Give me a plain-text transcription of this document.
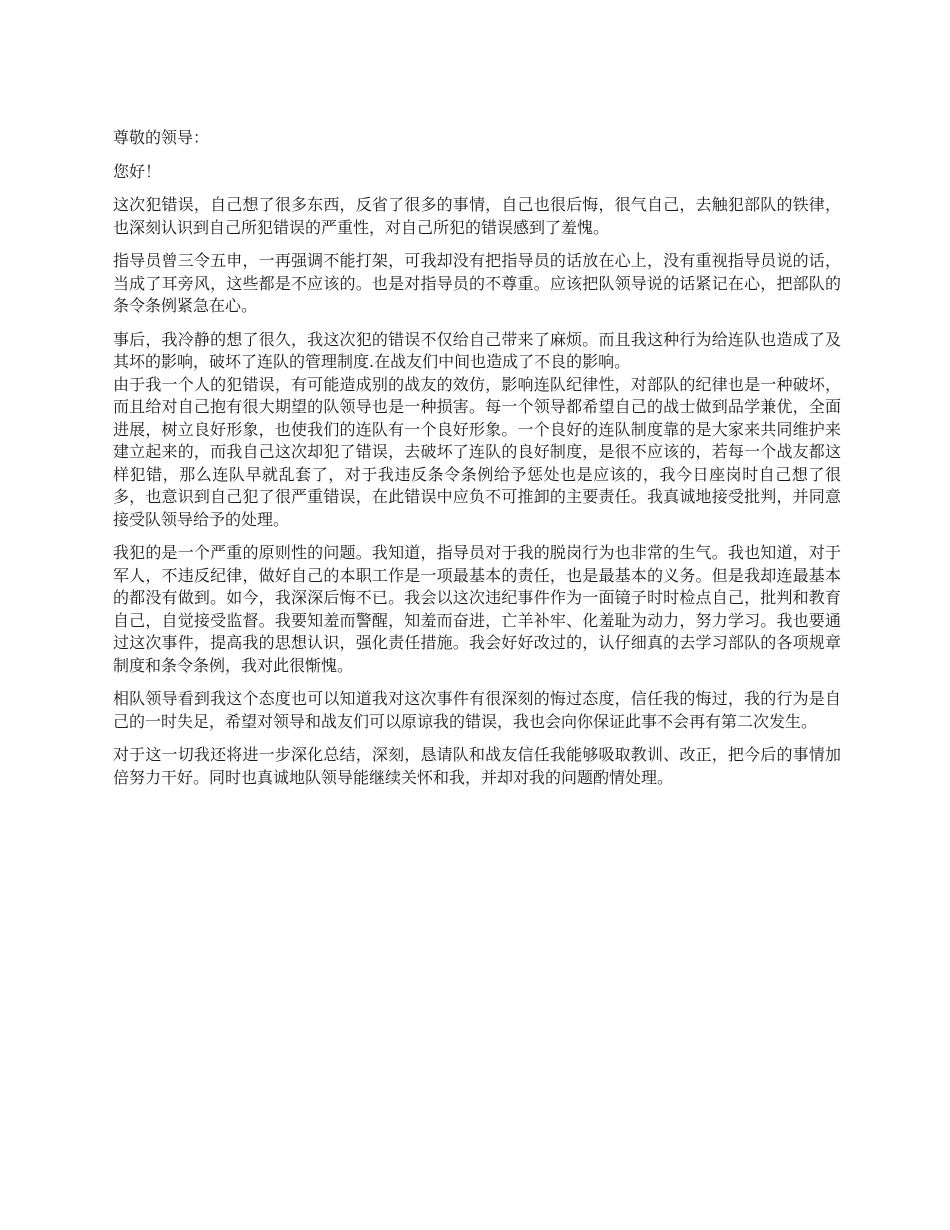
尊敬的领导：

您好！

这次犯错误，自己想了很多东西，反省了很多的事情，自己也很后悔，很气自己，去触犯部队的铁律，也深刻认识到自己所犯错误的严重性，对自己所犯的错误感到了羞愧。

指导员曾三令五申，一再强调不能打架，可我却没有把指导员的话放在心上，没有重视指导员说的话，当成了耳旁风，这些都是不应该的。也是对指导员的不尊重。应该把队领导说的话紧记在心，把部队的条令条例紧急在心。

事后，我冷静的想了很久，我这次犯的错误不仅给自己带来了麻烦。而且我这种行为给连队也造成了及其坏的影响，破坏了连队的管理制度.在战友们中间也造成了不良的影响。

由于我一个人的犯错误，有可能造成别的战友的效仿，影响连队纪律性，对部队的纪律也是一种破坏，而且给对自己抱有很大期望的队领导也是一种损害。每一个领导都希望自己的战士做到品学兼优，全面进展，树立良好形象，也使我们的连队有一个良好形象。一个良好的连队制度靠的是大家来共同维护来建立起来的，而我自己这次却犯了错误，去破坏了连队的良好制度，是很不应该的，若每一个战友都这样犯错，那么连队早就乱套了，对于我违反条令条例给予惩处也是应该的，我今日座岗时自己想了很多，也意识到自己犯了很严重错误，在此错误中应负不可推卸的主要责任。我真诚地接受批判，并同意接受队领导给予的处理。

我犯的是一个严重的原则性的问题。我知道，指导员对于我的脱岗行为也非常的生气。我也知道，对于军人，不违反纪律，做好自己的本职工作是一项最基本的责任，也是最基本的义务。但是我却连最基本的都没有做到。如今，我深深后悔不已。我会以这次违纪事件作为一面镜子时时检点自己，批判和教育自己，自觉接受监督。我要知羞而警醒，知羞而奋进，亡羊补牢、化羞耻为动力，努力学习。我也要通过这次事件，提高我的思想认识，强化责任措施。我会好好改过的，认仔细真的去学习部队的各项规章制度和条令条例，我对此很惭愧。

相队领导看到我这个态度也可以知道我对这次事件有很深刻的悔过态度，信任我的悔过，我的行为是自己的一时失足，希望对领导和战友们可以原谅我的错误，我也会向你保证此事不会再有第二次发生。

对于这一切我还将进一步深化总结，深刻，恳请队和战友信任我能够吸取教训、改正，把今后的事情加倍努力干好。同时也真诚地队领导能继续关怀和我，并却对我的问题酌情处理。
